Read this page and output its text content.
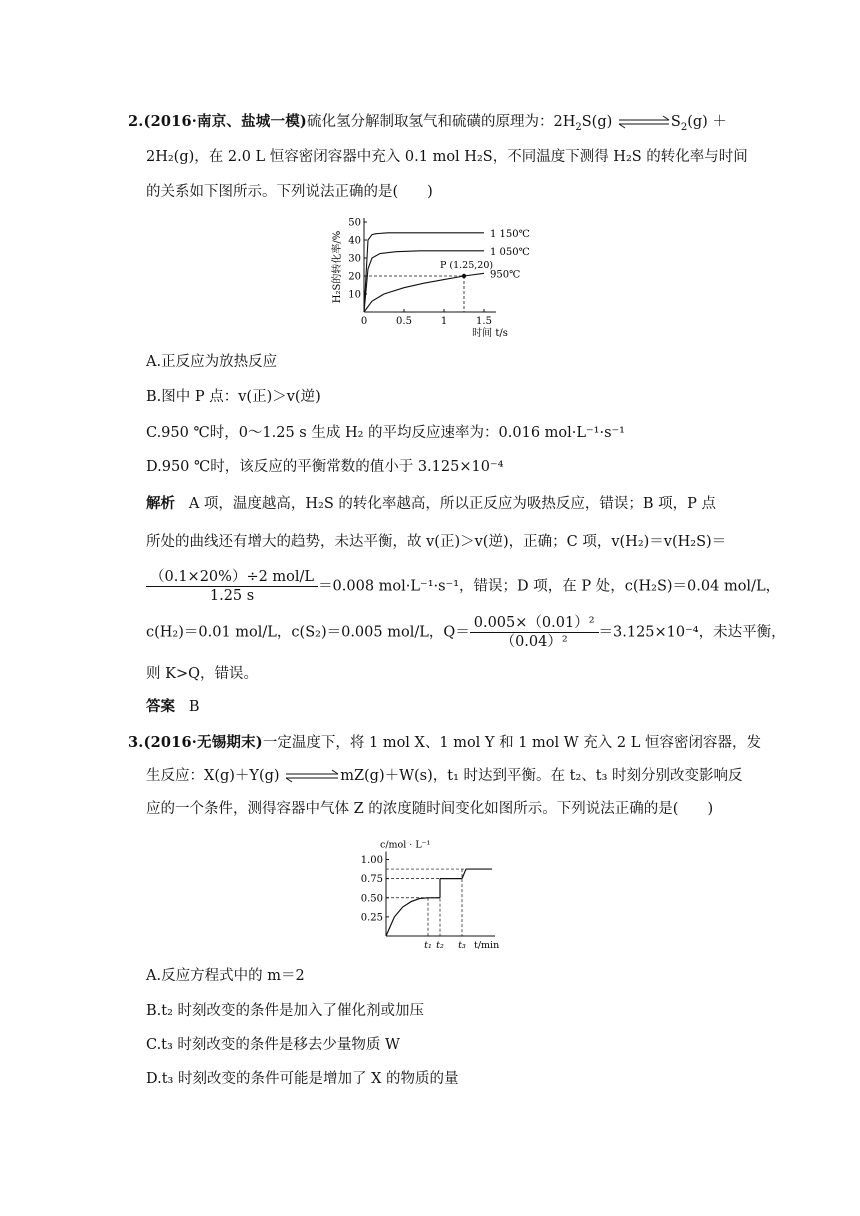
2.(2016·南京、盐城一模)硫化氢分解制取氢气和硫磺的原理为：$2H_2S(g)$ $\rightleftharpoons S_2(g)$ ＋
2H₂(g)，在 2.0 L 恒容密闭容器中充入 0.1 mol H₂S，不同温度下测得 H₂S 的转化率与时间
的关系如下图所示。下列说法正确的是(　　)
10
20
30
40
50
0	0.5	1	1.5
时间 t/s
H₂S的转化率/%	1 150℃
1 050℃
950℃
P (1.25,20)
A.正反应为放热反应
B.图中 P 点：v(正)＞v(逆)
C.950 ℃时，0～1.25 s 生成 H₂ 的平均反应速率为：0.016 mol·L⁻¹·s⁻¹
D.950 ℃时，该反应的平衡常数的值小于 3.125×10⁻⁴
解析 A 项，温度越高，H₂S 的转化率越高，所以正反应为吸热反应，错误；B 项，P 点
所处的曲线还有增大的趋势，未达平衡，故 v(正)＞v(逆)，正确；C 项，v(H₂)＝v(H₂S)＝
$\frac{\text{（0.1×20\%）÷2 mol/L}}{1.25 s} =0.008$ mol·L⁻¹·s⁻¹，错误；D 项，在 P 处，c(H₂S)＝0.04 mol/L，
c(H₂)＝0.01 mol/L，c(S₂)＝0.005 mol/L，$Q= \frac{\text{0.005×（0.01）²}}{\text{（0.04）²}} =3.125\times 10^{-4}$，未达平衡，
则 K>Q，错误。
答案 B
3.(2016·无锡期末)一定温度下，将 1 mol X、1 mol Y 和 1 mol W 充入 2 L 恒容密闭容器，发
生反应：X(g)＋Y(g) ⇌mZ(g)＋W(s)，t₁ 时达到平衡。在 t₂、t₃ 时刻分别改变影响反
应的一个条件，测得容器中气体 Z 的浓度随时间变化如图所示。下列说法正确的是(　　)
1.00
0.75
0.50
0.25
c/mol · L⁻¹
t₁ t₂ t₃ t/min
A.反应方程式中的 m＝2
B.t₂ 时刻改变的条件是加入了催化剂或加压
C.t₃ 时刻改变的条件是移去少量物质 W
D.t₃ 时刻改变的条件可能是增加了 X 的物质的量
